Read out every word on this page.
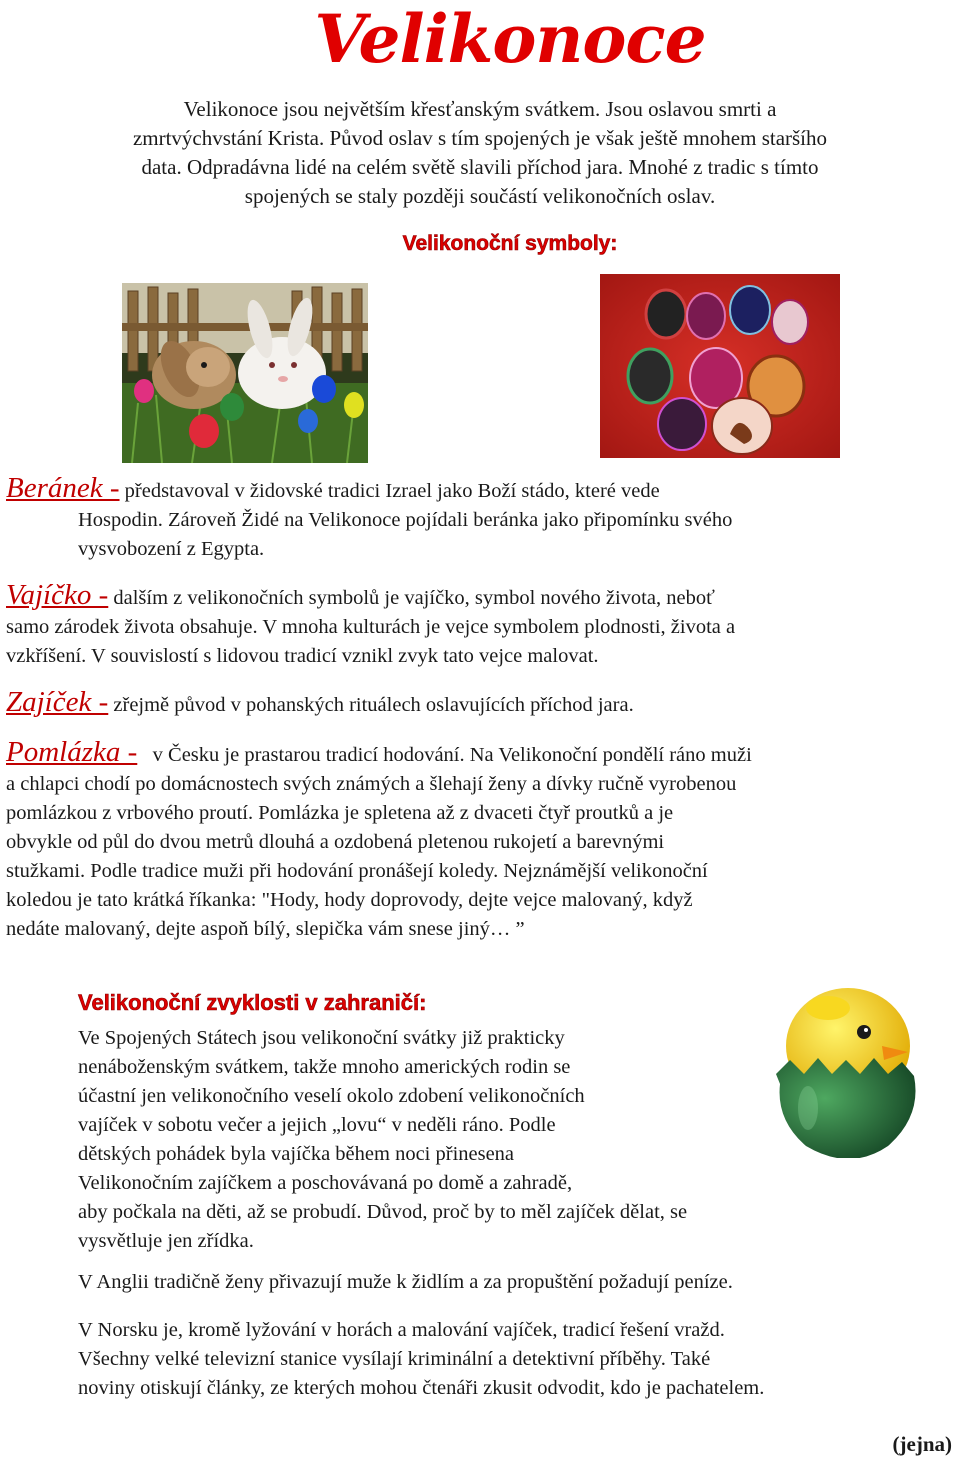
Velikonoce
Velikonoce jsou největším křesťanským svátkem. Jsou oslavou smrti a
zmrtvýchvstání Krista. Původ oslav s tím spojených je však ještě mnohem staršího
data. Odpradávna lidé na celém světě slavili příchod jara. Mnohé z tradic s tímto
spojených se staly později součástí velikonočních oslav.
Velikonoční symboly:
Beránek - představoval v židovské tradici Izrael jako Boží stádo, které vede
Hospodin. Zároveň Židé na Velikonoce pojídali beránka jako připomínku svého
vysvobození z Egypta.
Vajíčko - dalším z velikonočních symbolů je vajíčko, symbol nového života, neboť
samo zárodek života obsahuje. V mnoha kulturách je vejce symbolem plodnosti, života a
vzkříšení. V souvislostí s lidovou tradicí vznikl zvyk tato vejce malovat.
Zajíček - zřejmě původ v pohanských rituálech oslavujících příchod jara.
Pomlázka -   v Česku je prastarou tradicí hodování. Na Velikonoční pondělí ráno muži
a chlapci chodí po domácnostech svých známých a šlehají ženy a dívky ručně vyrobenou
pomlázkou z vrbového proutí. Pomlázka je spletena až z dvaceti čtyř proutků a je
obvykle od půl do dvou metrů dlouhá a ozdobená pletenou rukojetí a barevnými
stužkami. Podle tradice muži při hodování pronášejí koledy. Nejznámější velikonoční
koledou je tato krátká říkanka: "Hody, hody doprovody, dejte vejce malovaný, když
nedáte malovaný, dejte aspoň bílý, slepička vám snese jiný… ”
Velikonoční zvyklosti v zahraničí:
Ve Spojených Státech jsou velikonoční svátky již prakticky
nenáboženským svátkem, takže mnoho amerických rodin se
účastní jen velikonočního veselí okolo zdobení velikonočních
vajíček v sobotu večer a jejich „lovu“ v neděli ráno. Podle
dětských pohádek byla vajíčka během noci přinesena
Velikonočním zajíčkem a poschovávaná po domě a zahradě,
aby počkala na děti, až se probudí. Důvod, proč by to měl zajíček dělat, se
vysvětluje jen zřídka.
V Anglii tradičně ženy přivazují muže k židlím a za propuštění požadují peníze.
V Norsku je, kromě lyžování v horách a malování vajíček, tradicí řešení vražd.
Všechny velké televizní stanice vysílají kriminální a detektivní příběhy. Také
noviny otiskují články, ze kterých mohou čtenáři zkusit odvodit, kdo je pachatelem.
(jejna)
